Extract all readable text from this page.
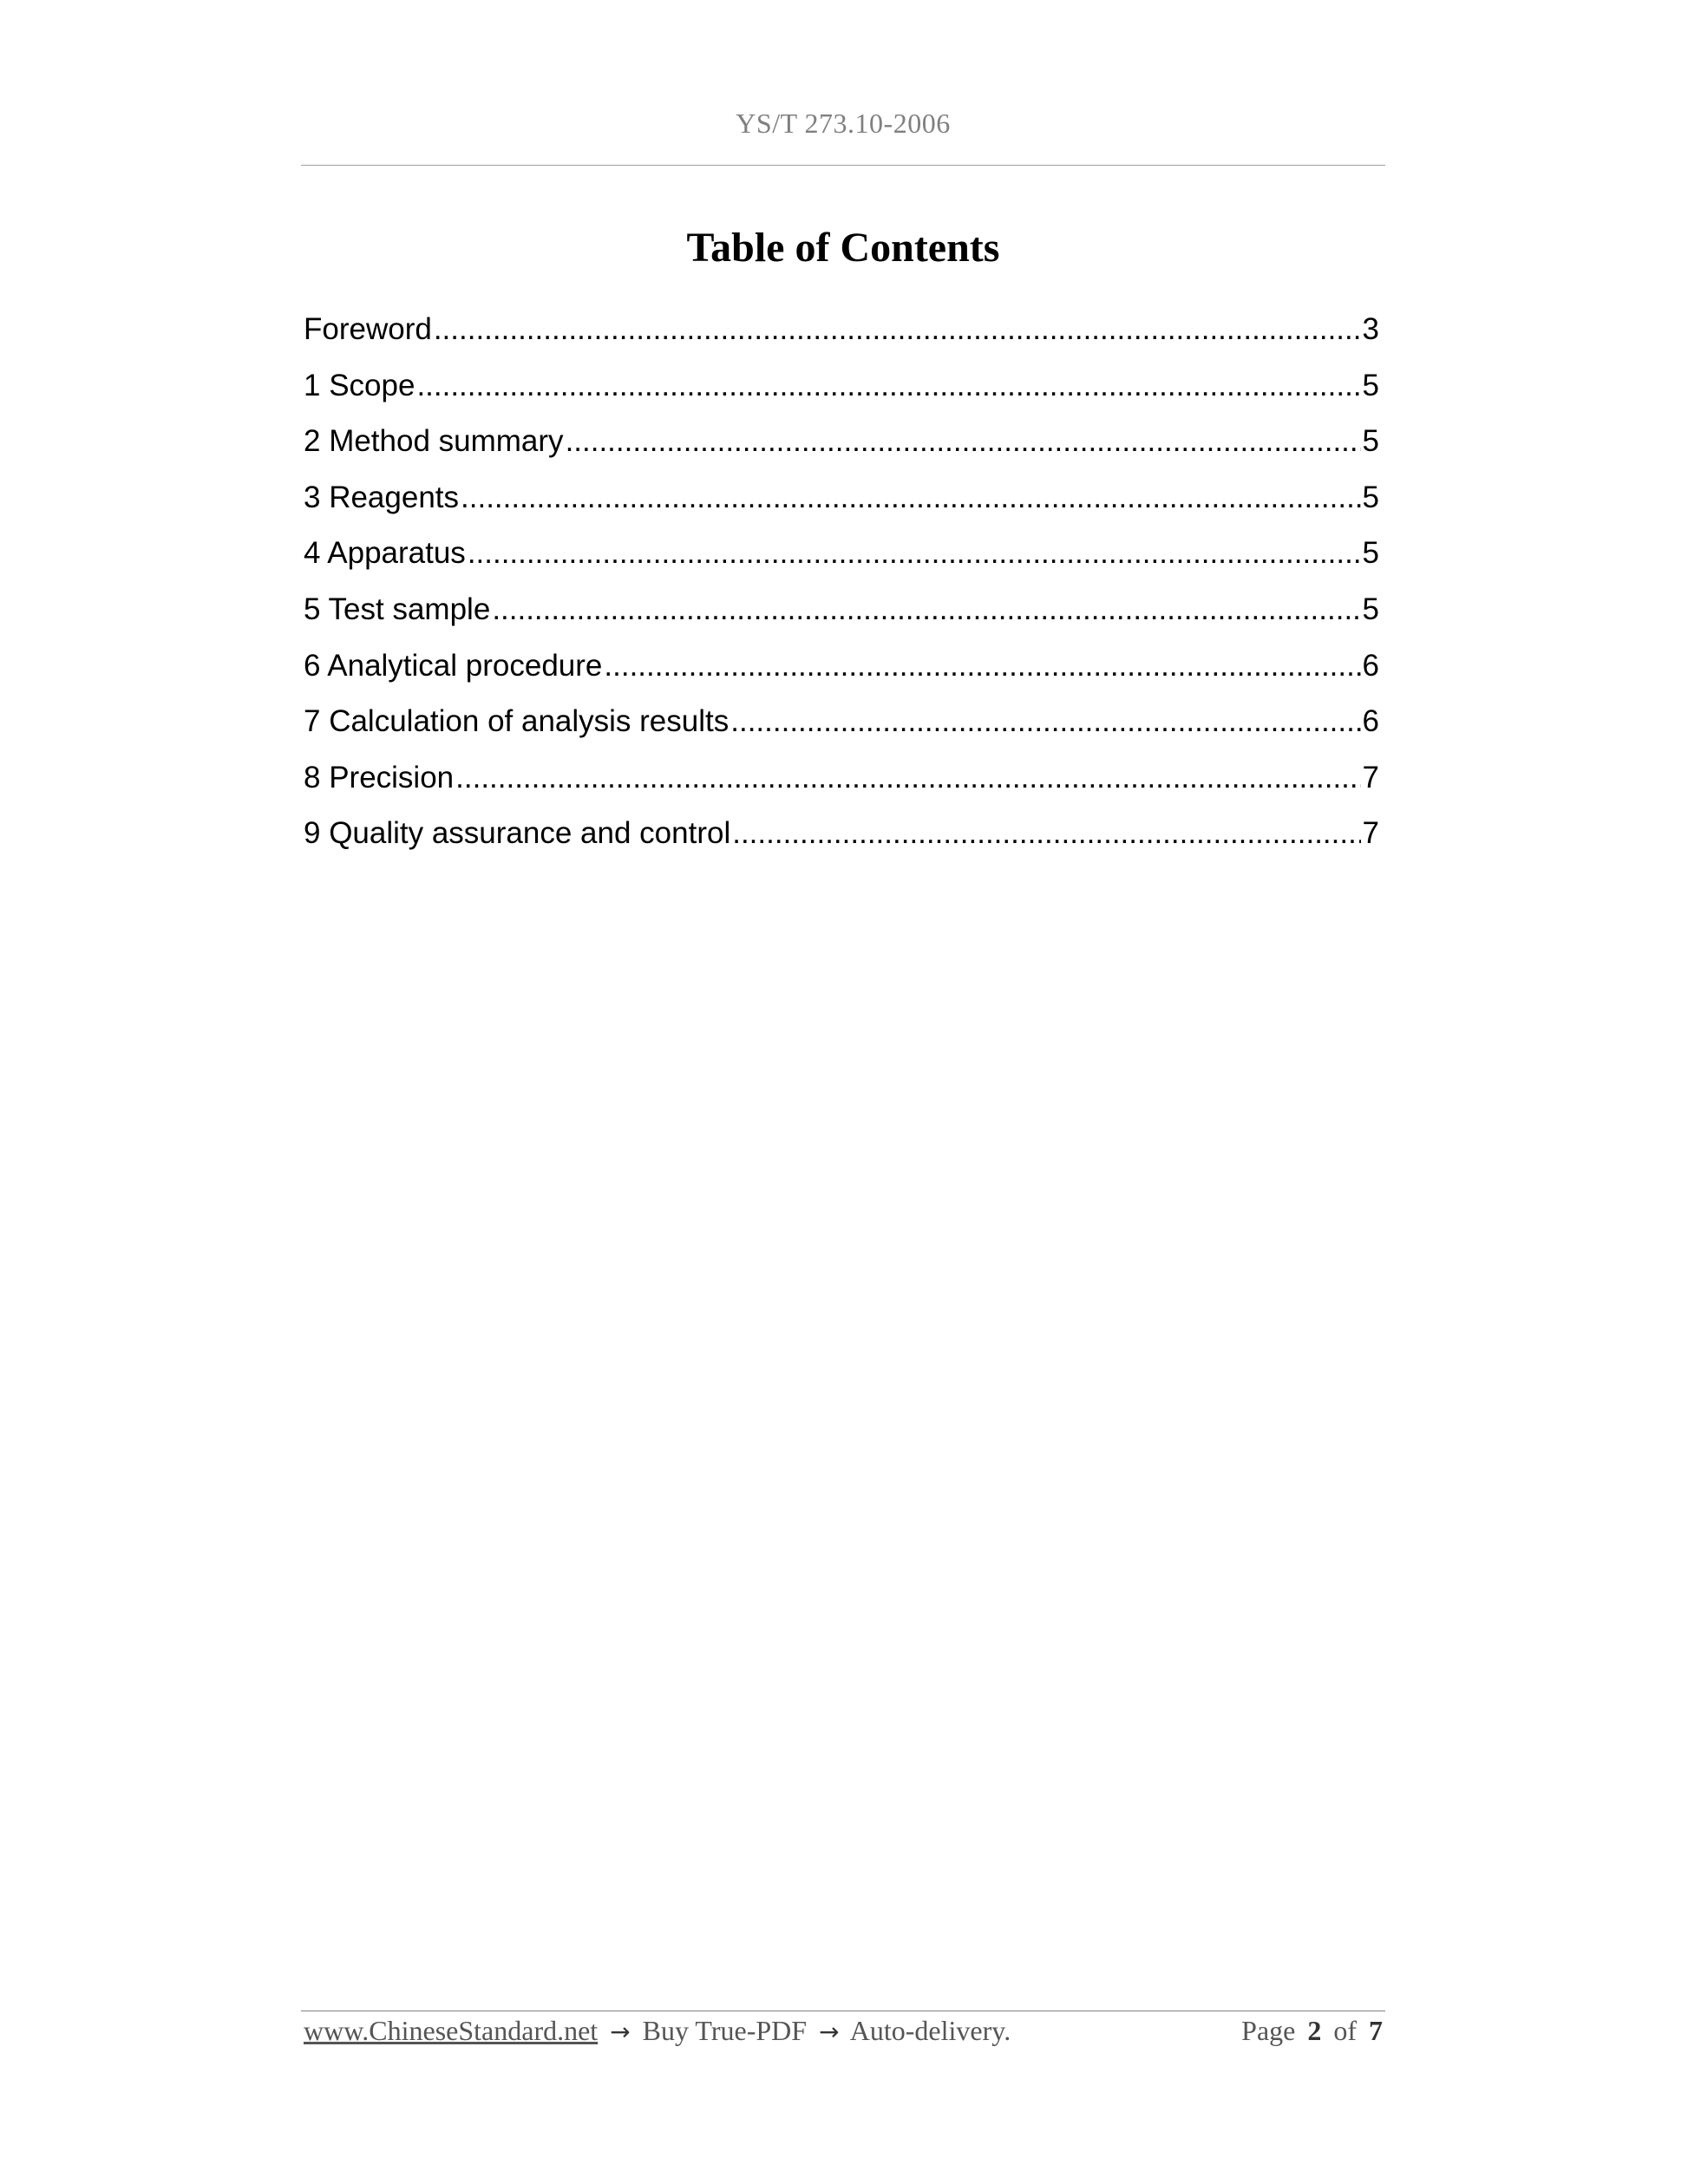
YS/T 273.10-2006
Table of Contents
Foreword .....	3
1 Scope .....	5
2 Method summary .....	5
3 Reagents .....	5
4 Apparatus .....	5
5 Test sample .....	5
6 Analytical procedure .....	6
7 Calculation of analysis results .....	6
8 Precision .....	7
9 Quality assurance and control .....	7
www.ChineseStandard.net → Buy True-PDF → Auto-delivery.	Page 2 of 7
